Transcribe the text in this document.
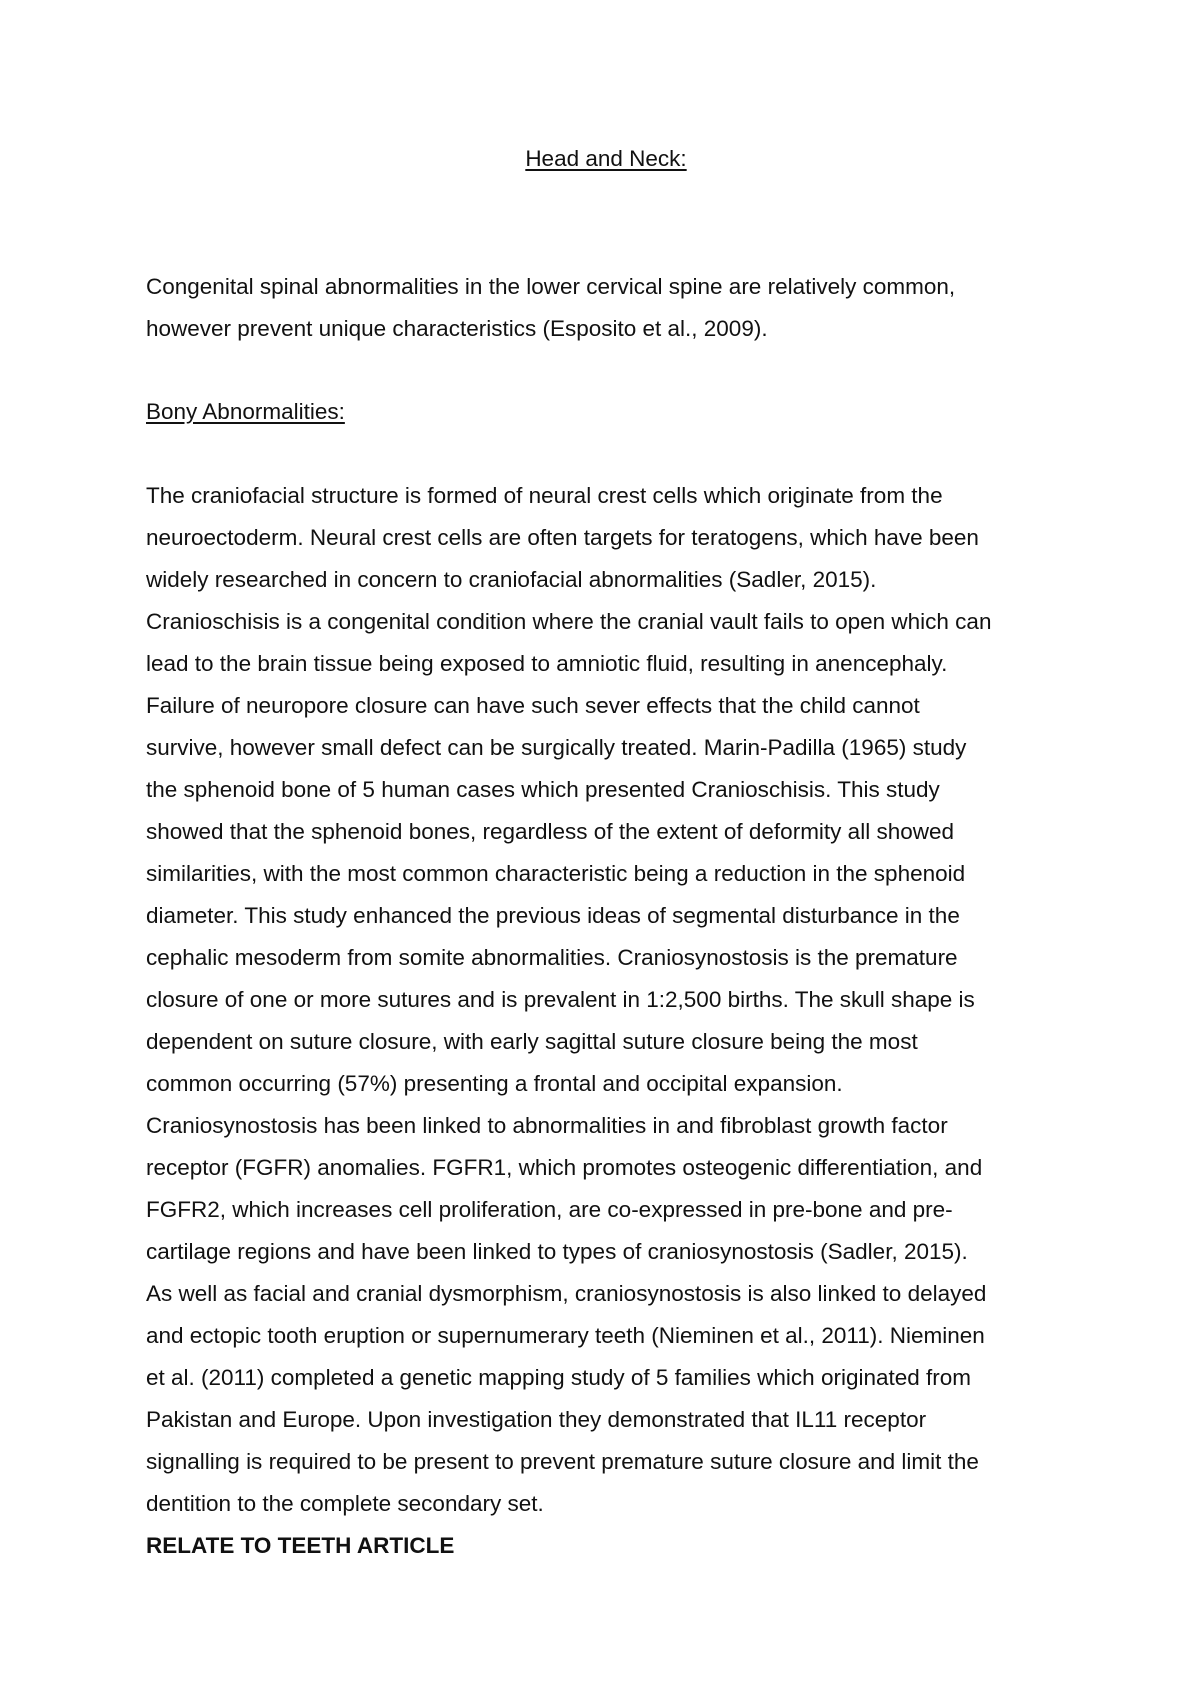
Head and Neck:
Congenital spinal abnormalities in the lower cervical spine are relatively common,
however prevent unique characteristics (Esposito et al., 2009).
Bony Abnormalities:
The craniofacial structure is formed of neural crest cells which originate from the
neuroectoderm. Neural crest cells are often targets for teratogens, which have been
widely researched in concern to craniofacial abnormalities (Sadler, 2015).
Cranioschisis is a congenital condition where the cranial vault fails to open which can
lead to the brain tissue being exposed to amniotic fluid, resulting in anencephaly.
Failure of neuropore closure can have such sever effects that the child cannot
survive, however small defect can be surgically treated. Marin-Padilla (1965) study
the sphenoid bone of 5 human cases which presented Cranioschisis. This study
showed that the sphenoid bones, regardless of the extent of deformity all showed
similarities, with the most common characteristic being a reduction in the sphenoid
diameter. This study enhanced the previous ideas of segmental disturbance in the
cephalic mesoderm from somite abnormalities. Craniosynostosis is the premature
closure of one or more sutures and is prevalent in 1:2,500 births. The skull shape is
dependent on suture closure, with early sagittal suture closure being the most
common occurring (57%) presenting a frontal and occipital expansion.
Craniosynostosis has been linked to abnormalities in and fibroblast growth factor
receptor (FGFR) anomalies. FGFR1, which promotes osteogenic differentiation, and
FGFR2, which increases cell proliferation, are co-expressed in pre-bone and pre-
cartilage regions and have been linked to types of craniosynostosis (Sadler, 2015).
As well as facial and cranial dysmorphism, craniosynostosis is also linked to delayed
and ectopic tooth eruption or supernumerary teeth (Nieminen et al., 2011). Nieminen
et al. (2011) completed a genetic mapping study of 5 families which originated from
Pakistan and Europe. Upon investigation they demonstrated that IL11 receptor
signalling is required to be present to prevent premature suture closure and limit the
dentition to the complete secondary set.
RELATE TO TEETH ARTICLE
